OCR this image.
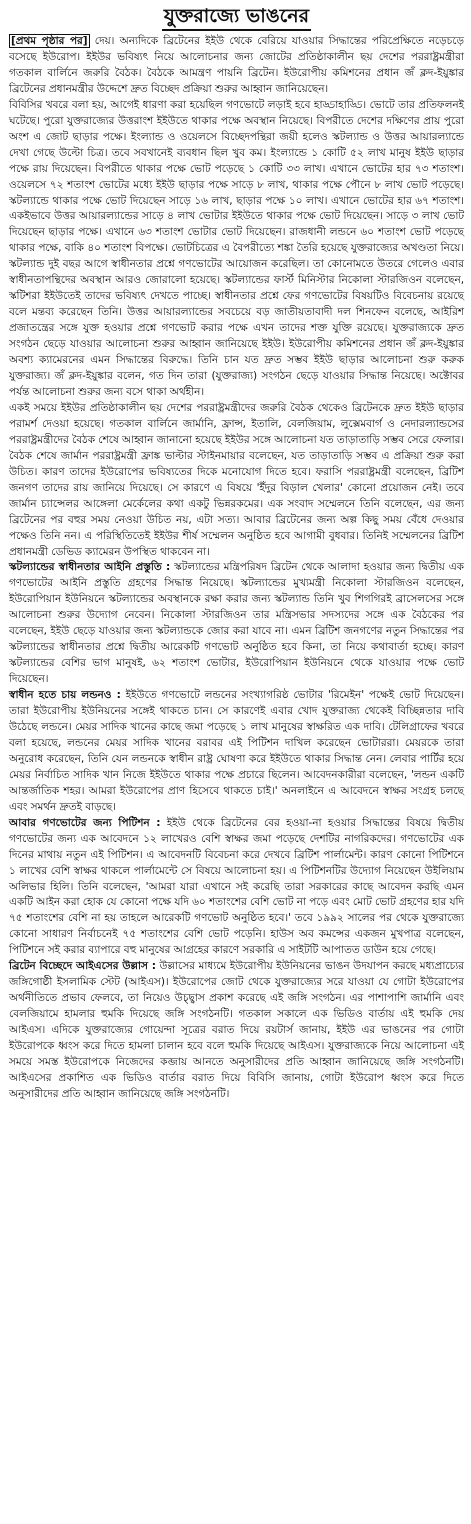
যুক্তরাজ্যে ভাঙনের

[প্রথম পৃষ্ঠার পর] দেয়। অন্যদিকে ব্রিটেনের ইইউ থেকে বেরিয়ে যাওয়ার সিদ্ধান্তের পরিপ্রেক্ষিতে নড়েচড়ে বসেছে ইউরোপ। ইইউর ভবিষ্যৎ নিয়ে আলোচনার জন্য জোটের প্রতিষ্ঠাকালীন ছয় দেশের পররাষ্ট্রমন্ত্রীরা গতকাল বার্লিনে জরুরি বৈঠক। বৈঠকে আমন্ত্রণ পায়নি ব্রিটেন। ইউরোপীয় কমিশনের প্রধান জঁ ক্লদ-ইয়ুঙ্কার ব্রিটেনের প্রধানমন্ত্রীর উদ্দেশে দ্রুত বিচ্ছেদ প্রক্রিয়া শুরুর আহ্বান জানিয়েছেন।

বিবিসির খবরে বলা হয়, আগেই ধারণা করা হয়েছিল গণভোটে লড়াই হবে হাড্ডাহাড্ডি। ভোটে তার প্রতিফলনই ঘটেছে। পুরো যুক্তরাজ্যের উত্তরাংশ ইইউতে থাকার পক্ষে অবস্থান নিয়েছে। বিপরীতে দেশের দক্ষিণের প্রায় পুরো অংশ এ জোট ছাড়ার পক্ষে। ইংল্যান্ড ও ওয়েলসে বিচ্ছেদপন্থিরা জয়ী হলেও স্কটল্যান্ড ও উত্তর আয়ারল্যান্ডে দেখা গেছে উল্টো চিত্র। তবে সবখানেই ব্যবধান ছিল খুব কম। ইংল্যান্ডে ১ কোটি ৫২ লাখ মানুষ ইইউ ছাড়ার পক্ষে রায় দিয়েছেন। বিপরীতে থাকার পক্ষে ভোট পড়েছে ১ কোটি ৩৩ লাখ। এখানে ভোটের হার ৭৩ শতাংশ। ওয়েলসে ৭২ শতাংশ ভোটের মধ্যে ইইউ ছাড়ার পক্ষে সাড়ে ৮ লাখ, থাকার পক্ষে পৌনে ৮ লাখ ভোট পড়েছে। স্কটল্যান্ডে থাকার পক্ষে ভোট দিয়েছেন সাড়ে ১৬ লাখ, ছাড়ার পক্ষে ১০ লাখ। এখানে ভোটের হার ৬৭ শতাংশ। একইভাবে উত্তর আয়ারল্যান্ডের সাড়ে ৪ লাখ ভোটার ইইউতে থাকার পক্ষে ভোট দিয়েছেন। সাড়ে ৩ লাখ ভোট দিয়েছেন ছাড়ার পক্ষে। এখানে ৬৩ শতাংশ ভোটার ভোট দিয়েছেন। রাজধানী লন্ডনে ৬০ শতাংশ ভোট পড়েছে থাকার পক্ষে, বাকি ৪০ শতাংশ বিপক্ষে। ভোটচিত্রের এ বৈপরীত্যে শঙ্কা তৈরি হয়েছে যুক্তরাজ্যের অখণ্ডতা নিয়ে। স্কটল্যান্ড দুই বছর আগে স্বাধীনতার প্রশ্নে গণভোটের আয়োজন করেছিল। তা কোনোমতে উতরে গেলেও এবার স্বাধীনতাপন্থিদের অবস্থান আরও জোরালো হয়েছে। স্কটল্যান্ডের ফার্স্ট মিনিস্টার নিকোলা স্টারজিওন বলেছেন, স্কটিশরা ইইউতেই তাদের ভবিষ্যৎ দেখতে পাচ্ছে। স্বাধীনতার প্রশ্নে ফের গণভোটের বিষয়টিও বিবেচনায় রয়েছে বলে মন্তব্য করেছেন তিনি। উত্তর আয়ারল্যান্ডের সবচেয়ে বড় জাতীয়তাবাদী দল শিনফেন বলেছে, আইরিশ প্রজাতন্ত্রের সঙ্গে যুক্ত হওয়ার প্রশ্নে গণভোট করার পক্ষে এখন তাদের শক্ত যুক্তি রয়েছে। যুক্তরাজ্যকে দ্রুত সংগঠন ছেড়ে যাওয়ার আলোচনা শুরুর আহ্বান জানিয়েছে ইইউ। ইউরোপীয় কমিশনের প্রধান জঁ ক্লদ-ইয়ুঙ্কার অবশ্য ক্যামেরনের এমন সিদ্ধান্তের বিরুদ্ধে। তিনি চান যত দ্রুত সম্ভব ইইউ ছাড়ার আলোচনা শুরু করুক যুক্তরাজ্য। জঁ ক্লদ-ইয়ুঙ্কার বলেন, গত দিন তারা (যুক্তরাজ্য) সংগঠন ছেড়ে যাওয়ার সিদ্ধান্ত নিয়েছে। অক্টোবর পর্যন্ত আলোচনা শুরুর জন্য বসে থাকা অর্থহীন।

একই সময়ে ইইউর প্রতিষ্ঠাকালীন ছয় দেশের পররাষ্ট্রমন্ত্রীদের জরুরি বৈঠক থেকেও ব্রিটেনকে দ্রুত ইইউ ছাড়ার পরামর্শ দেওয়া হয়েছে। গতকাল বার্লিনে জার্মানি, ফ্রান্স, ইতালি, বেলজিয়াম, লুক্সেমবার্গ ও নেদারল্যান্ডসের পররাষ্ট্রমন্ত্রীদের বৈঠক শেষে আহ্বান জানানো হয়েছে ইইউর সঙ্গে আলোচনা যত তাড়াতাড়ি সম্ভব সেরে ফেলার। বৈঠক শেষে জার্মান পররাষ্ট্রমন্ত্রী ফ্রাঙ্ক ভাল্টার স্টাইনমায়ার বলেছেন, যত তাড়াতাড়ি সম্ভব এ প্রক্রিয়া শুরু করা উচিত। কারণ তাদের ইউরোপের ভবিষ্যতের দিকে মনোযোগ দিতে হবে। ফরাসি পররাষ্ট্রমন্ত্রী বলেছেন, ব্রিটিশ জনগণ তাদের রায় জানিয়ে দিয়েছে। সে কারণে এ বিষয়ে 'ইঁদুর বিড়াল খেলার' কোনো প্রয়োজন নেই। তবে জার্মান চ্যান্সেলর আঙ্গেলা মের্কেলের কথা একটু ভিন্নরকমের। এক সংবাদ সম্মেলনে তিনি বলেছেন, এর জন্য ব্রিটেনের পর বহুর সময় নেওয়া উচিত নয়, এটা সত্য। আবার ব্রিটেনের জন্য অল্প কিছু সময় বেঁধে দেওয়ার পক্ষেও তিনি নন। এ পরিস্থিতিতেই ইইউর শীর্ষ সম্মেলন অনুষ্ঠিত হবে আগামী বুধবার। তিনিই সম্মেলনের ব্রিটিশ প্রধানমন্ত্রী ডেভিড ক্যামেরন উপস্থিত থাকবেন না।

স্কটল্যান্ডের স্বাধীনতার আইনি প্রস্তুতি : স্কটল্যান্ডের মন্ত্রিপরিষদ ব্রিটেন থেকে আলাদা হওয়ার জন্য দ্বিতীয় এক গণভোটের আইনি প্রস্তুতি গ্রহণের সিদ্ধান্ত নিয়েছে। স্কটল্যান্ডের মুখ্যমন্ত্রী নিকোলা স্টারজিওন বলেছেন, ইউরোপিয়ান ইউনিয়নে স্কটল্যান্ডের অবস্থানকে রক্ষা করার জন্য স্কটল্যান্ড তিনি খুব শিগগিরই ব্রাসেলসের সঙ্গে আলোচনা শুরুর উদ্যোগ নেবেন। নিকোলা স্টারজিওন তার মন্ত্রিসভার সদস্যদের সঙ্গে এক বৈঠকের পর বলেছেন, ইইউ ছেড়ে যাওয়ার জন্য স্কটল্যান্ডকে জোর করা যাবে না। এমন ব্রিটিশ জনগণের নতুন সিদ্ধান্তের পর স্কটল্যান্ডের স্বাধীনতার প্রশ্নে দ্বিতীয় আরেকটি গণভোট অনুষ্ঠিত হবে কিনা, তা নিয়ে কথাবার্তা হচ্ছে। কারণ স্কটল্যান্ডের বেশির ভাগ মানুষই, ৬২ শতাংশ ভোটার, ইউরোপিয়ান ইউনিয়নে থেকে যাওয়ার পক্ষে ভোট দিয়েছেন।

স্বাধীন হতে চায় লন্ডনও : ইইউতে গণভোটে লন্ডনের সংখ্যাগরিষ্ঠ ভোটার 'রিমেইন' পক্ষেই ভোট দিয়েছেন। তারা ইউরোপীয় ইউনিয়নের সঙ্গেই থাকতে চান। সে কারণেই এবার খোদ যুক্তরাজ্য থেকেই বিচ্ছিন্নতার দাবি উঠেছে লন্ডনে। মেয়র সাদিক খানের কাছে জমা পড়েছে ১ লাখ মানুষের স্বাক্ষরিত এক দাবি। টেলিগ্রাফের খবরে বলা হয়েছে, লন্ডনের মেয়র সাদিক খানের বরাবর এই পিটিশন দাখিল করেছেন ভোটাররা। মেয়রকে তারা অনুরোধ করেছেন, তিনি যেন লন্ডনকে স্বাধীন রাষ্ট্র ঘোষণা করে ইইউতে থাকার সিদ্ধান্ত নেন। লেবার পার্টির হয়ে মেয়র নির্বাচিত সাদিক খান নিজে ইইউতে থাকার পক্ষে প্রচারে ছিলেন। আবেদনকারীরা বলেছেন, 'লন্ডন একটি আন্তর্জাতিক শহর। আমরা ইউরোপের প্রাণ হিসেবে থাকতে চাই।' অনলাইনে এ আবেদনে স্বাক্ষর সংগ্রহ চলছে এবং সমর্থন দ্রুতই বাড়ছে।

আবার গণভোটের জন্য পিটিশন : ইইউ থেকে ব্রিটেনের বের হওয়া-না হওয়ার সিদ্ধান্তের বিষয়ে দ্বিতীয় গণভোটের জন্য এক আবেদনে ১২ লাখেরও বেশি স্বাক্ষর জমা পড়েছে দেশটির নাগরিকদের। গণভোটের এক দিনের মাথায় নতুন এই পিটিশন। এ আবেদনটি বিবেচনা করে দেখবে ব্রিটিশ পার্লামেন্ট। কারণ কোনো পিটিশনে ১ লাখের বেশি স্বাক্ষর থাকলে পার্লামেন্টে সে বিষয়ে আলোচনা হয়। এ পিটিশনটির উদ্যোগ নিয়েছেন উইলিয়াম অলিভার হিলি। তিনি বলেছেন, 'আমরা যারা এখানে সই করেছি তারা সরকারের কাছে আবেদন করছি এমন একটি আইন করা হোক যে কোনো পক্ষে যদি ৬০ শতাংশের বেশি ভোট না পড়ে এবং মোট ভোট গ্রহণের হার যদি ৭৫ শতাংশের বেশি না হয় তাহলে আরেকটি গণভোট অনুষ্ঠিত হবে।' তবে ১৯৯২ সালের পর থেকে যুক্তরাজ্যে কোনো সাধারণ নির্বাচনেই ৭৫ শতাংশের বেশি ভোট পড়েনি। হাউস অব কমন্সের একজন মুখপাত্র বলেছেন, পিটিশনে সই করার ব্যাপারে বহু মানুষের আগ্রহের কারণে সরকারি এ সাইটটি আপাতত ডাউন হয়ে গেছে।

ব্রিটেন বিচ্ছেদে আইএসের উল্লাস : উল্লাসের মাধ্যমে ইউরোপীয় ইউনিয়নের ভাঙন উদযাপন করছে মধ্যপ্রাচ্যের জঙ্গিগোষ্ঠী ইসলামিক স্টেট (আইএস)। ইউরোপের জোট থেকে যুক্তরাজ্যের সরে যাওয়া যে গোটা ইউরোপের অর্থনীতিতে প্রভাব ফেলবে, তা নিয়েও উচ্ছ্বাস প্রকাশ করেছে এই জঙ্গি সংগঠন। এর পাশাপাশি জার্মানি এবং বেলজিয়ামে হামলার হুমকি দিয়েছে জঙ্গি সংগঠনটি। গতকাল সকালে এক ভিডিও বার্তায় এই হুমকি দেয় আইএস। এদিকে যুক্তরাজ্যের গোয়েন্দা সূত্রের বরাত দিয়ে রয়টার্স জানায়, ইইউ এর ভাঙনের পর গোটা ইউরোপকে ধ্বংস করে দিতে হামলা চালান হবে বলে হুমকি দিয়েছে আইএস। যুক্তরাজ্যকে নিয়ে আলোচনা এই সময়ে সমস্ত ইউরোপকে নিজেদের কব্জায় আনতে অনুসারীদের প্রতি আহ্বান জানিয়েছে জঙ্গি সংগঠনটি। আইএসের প্রকাশিত এক ভিডিও বার্তার বরাত দিয়ে বিবিসি জানায়, গোটা ইউরোপ ধ্বংস করে দিতে অনুসারীদের প্রতি আহ্বান জানিয়েছে জঙ্গি সংগঠনটি।
